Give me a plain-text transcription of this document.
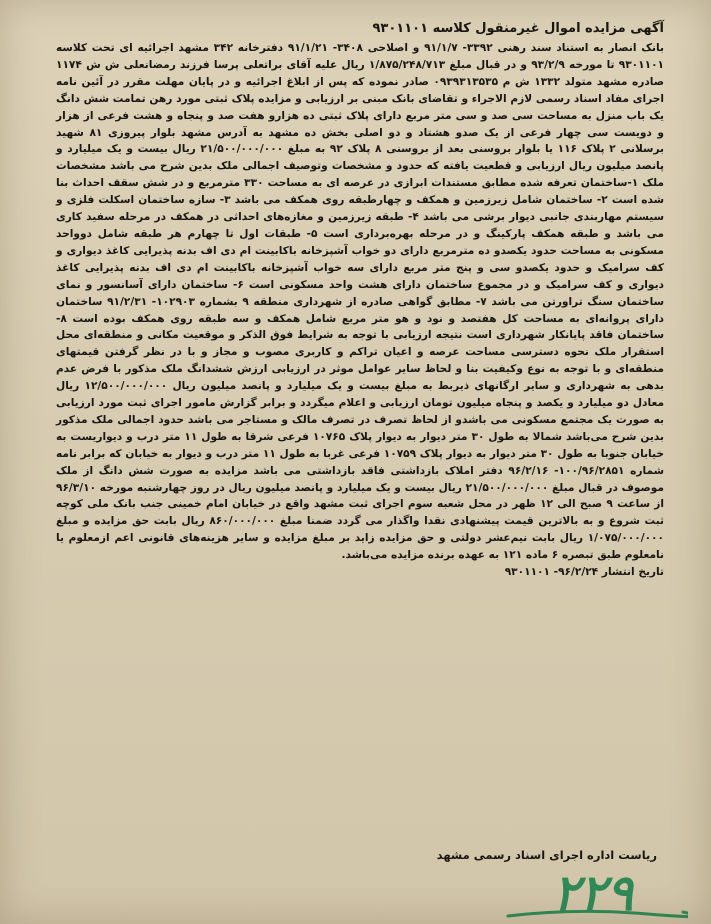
آگهی مزایده اموال غیرمنقول کلاسه ۹۳۰۱۱۰۱

بانک انصار به استناد سند رهنی ۳۳۹۲- ۹۱/۱/۷ و اصلاحی ۳۴۰۸- ۹۱/۱/۲۱ دفترخانه ۳۴۲ مشهد اجرائیه ای تحت کلاسه ۹۳۰۱۱۰۱ تا مورخه ۹۳/۲/۹ و در قبال مبلغ ۱/۸۷۵/۲۴۸/۷۱۳ ریال علیه آقای براتعلی پرسا فرزند رمضانعلی ش ش ۱۱۷۴ صادره مشهد متولد ۱۳۳۲ ش م ۰۹۳۹۳۱۳۵۳۵ صادر نموده که پس از ابلاغ اجرائیه و در پایان مهلت مقرر در آئین نامه اجرای مفاد اسناد رسمی لازم الاجراء و تقاضای بانک مبنی بر ارزیابی و مزایده پلاک ثبتی مورد رهن تمامت شش دانگ یک باب منزل به مساحت سی صد و سی متر مربع دارای پلاک ثبتی ده هزارو هفت صد و پنجاه و هشت فرعی از هزار و دویست سی چهار فرعی از یک صدو هشتاد و دو اصلی بخش ده مشهد به آدرس مشهد بلوار پیروزی ۸۱ شهید برسلانی ۲ پلاک ۱۱۶ یا بلوار بروسنی بعد از بروسنی ۸ پلاک ۹۲ به مبلغ ۲۱/۵۰۰/۰۰۰/۰۰۰ ریال بیست و یک میلیارد و پانصد میلیون ریال ارزیابی و قطعیت یافته که حدود و مشخصات وتوصیف اجمالی ملک بدین شرح می باشد مشخصات ملک ۱-ساختمان تعرفه شده مطابق مستندات ابرازی در عرصه ای به مساحت ۳۳۰ مترمربع و در شش سقف احداث بنا شده است ۲- ساختمان شامل زیرزمین و همکف و چهارطبقه روی همکف می باشد ۳- سازه ساختمان اسکلت فلزی و سیستم مهاربندی جانبی دیوار برشی می باشد ۴- طبقه زیرزمین و مغازه‌های احداثی در همکف در مرحله سفید کاری می باشد و طبقه همکف پارکینگ و در مرحله بهره‌برداری است ۵- طبقات اول تا چهارم هر طبقه شامل دوواحد مسکونی به مساحت حدود یکصدو ده مترمربع دارای دو خواب آشپزخانه باکابینت ام دی اف بدنه پذیرایی کاغذ دیواری و کف سرامیک و حدود یکصدو سی و پنج متر مربع دارای سه خواب آشپزخانه باکابینت ام دی اف بدنه پذیرایی کاغذ دیواری و کف سرامیک و در مجموع ساختمان دارای هشت واحد مسکونی است ۶- ساختمان دارای آسانسور و نمای ساختمان سنگ تراورتن می باشد ۷- مطابق گواهی صادره از شهرداری منطقه ۹ بشماره ۱۰۲۹۰۳- ۹۱/۲/۳۱ ساختمان دارای پروانه‌ای به مساحت کل هفتصد و نود و هو متر مربع شامل همکف و سه طبقه روی همکف بوده است ۸- ساختمان فاقد پایانکار شهرداری است نتیجه ارزیابی با توجه به شرایط فوق الذکر و موقعیت مکانی و منطقه‌ای محل استقرار ملک نحوه دسترسی مساحت عرصه و اعیان تراکم و کاربری مصوب و مجاز و با در نظر گرفتن قیمتهای منطقه‌ای و با توجه به نوع وکیفیت بنا و لحاظ سایر عوامل موثر در ارزیابی ارزش ششدانگ ملک مذکور با فرض عدم بدهی به شهرداری و سایر ارگانهای ذیربط به مبلغ بیست و یک میلیارد و پانصد میلیون ریال ۱۲/۵۰۰/۰۰۰/۰۰۰ ریال معادل دو میلیارد و یکصد و پنجاه میلیون تومان ارزیابی و اعلام میگردد و برابر گزارش مامور اجرای ثبت مورد ارزیابی به صورت یک مجتمع مسکونی می باشدو از لحاظ تصرف در تصرف مالک و مستاجر می باشد حدود اجمالی ملک مذکور بدین شرح می‌باشد شمالا به طول ۳۰ متر دیوار به دیوار پلاک ۱۰۷۶۵ فرعی شرقا به طول ۱۱ متر درب و دیواریست به خیابان جنوبا به طول ۳۰ متر دیوار به دیوار پلاک ۱۰۷۵۹ فرعی غربا به طول ۱۱ متر درب و دیوار به خیابان که برابر نامه شماره ۱۰۰/۹۶/۲۸۵۱- ۹۶/۲/۱۶ دفتر املاک بازداشتی فاقد بازداشتی می باشد مزایده به صورت شش دانگ از ملک موصوف در قبال مبلغ ۲۱/۵۰۰/۰۰۰/۰۰۰ ریال بیست و یک میلیارد و پانصد میلیون ریال در روز چهارشنبه مورخه ۹۶/۳/۱۰ از ساعت ۹ صبح الی ۱۲ ظهر در محل شعبه سوم اجرای ثبت مشهد واقع در خیابان امام خمینی جنب بانک ملی کوچه ثبت شروع و به بالاترین قیمت پیشنهادی نقدا واگذار می گردد ضمنا مبلغ ۸۶۰/۰۰۰/۰۰۰ ریال بابت حق مزایده و مبلغ ۱/۰۷۵/۰۰۰/۰۰۰ ریال بابت نیم‌عشر دولتی و حق مزایده زاید بر مبلغ مزایده و سایر هزینه‌های قانونی اعم ازمعلوم یا نامعلوم طبق تبصره ۶ ماده ۱۲۱ به عهده برنده مزایده می‌باشد.

تاریخ انتشار ۹۶/۲/۲۴- ۹۳۰۱۱۰۱

ریاست اداره اجرای اسناد رسمی مشهد
۲۲۹
